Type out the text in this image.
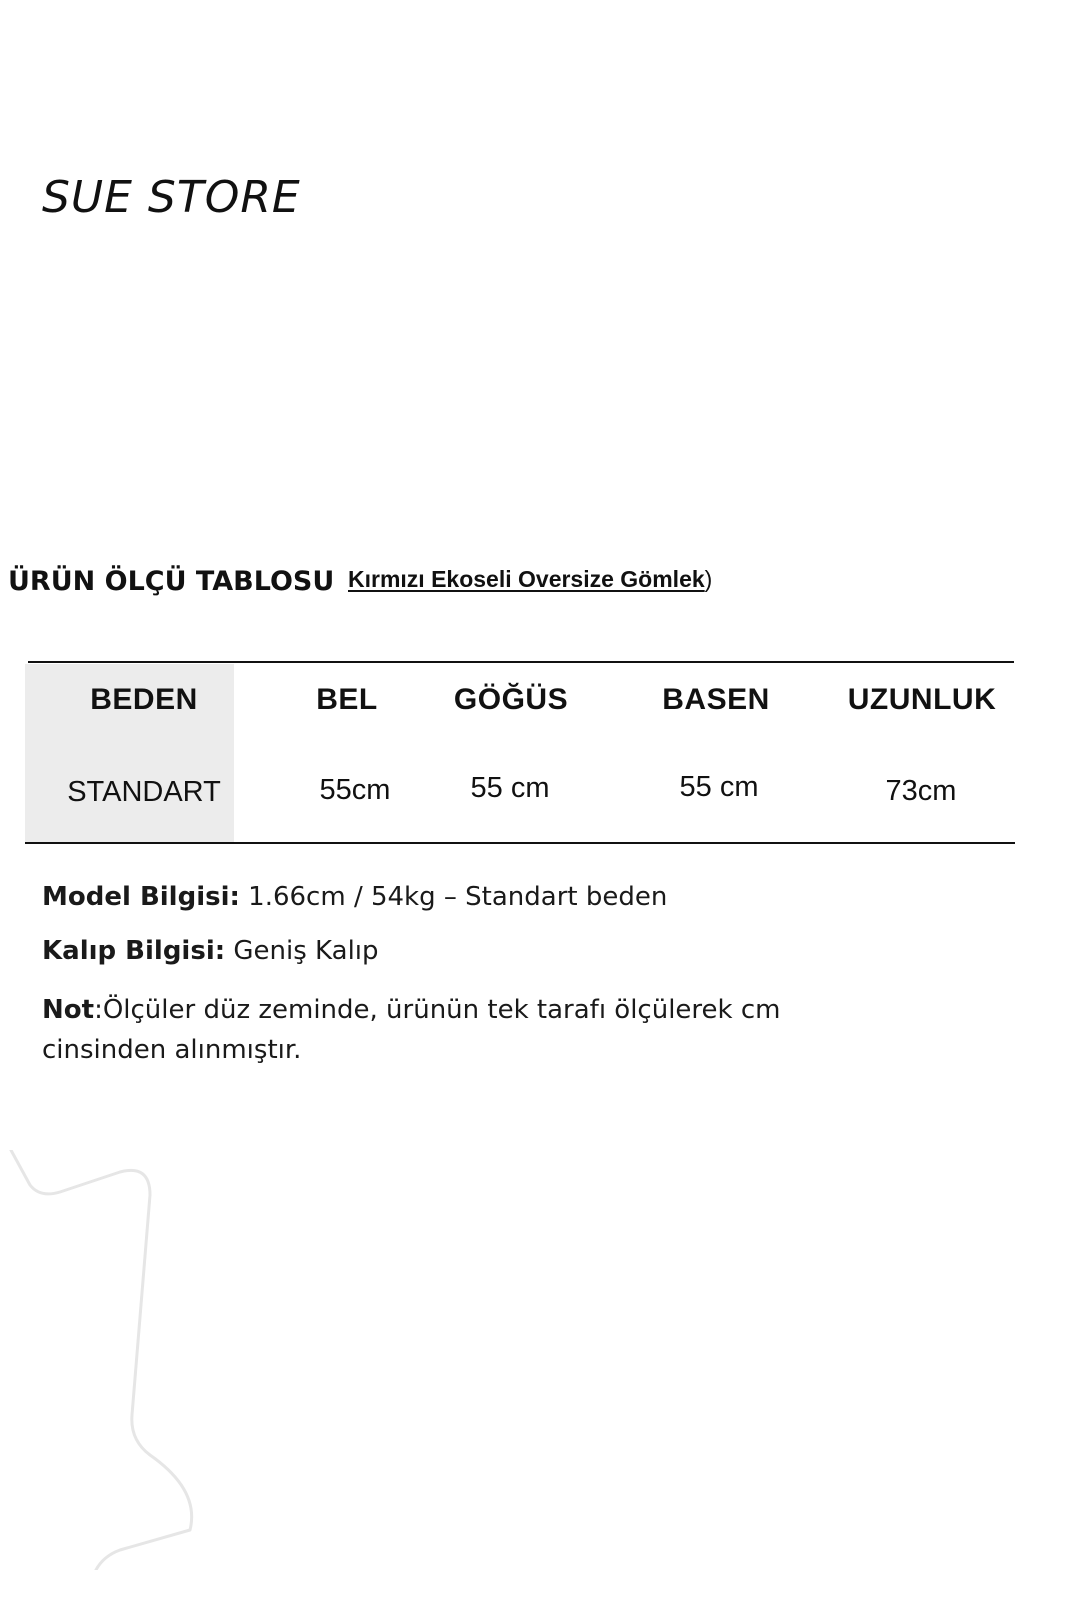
SUE STORE
ÜRÜN ÖLÇÜ TABLOSU Kırmızı Ekoseli Oversize Gömlek)
BEDEN	BEL	GÖĞÜS	BASEN	UZUNLUK
STANDART	55cm	55 cm	55 cm	73cm
Model Bilgisi: 1.66cm / 54kg – Standart beden
Kalıp Bilgisi: Geniş Kalıp
Not:Ölçüler düz zeminde, ürünün tek tarafı ölçülerek cm cinsinden alınmıştır.
